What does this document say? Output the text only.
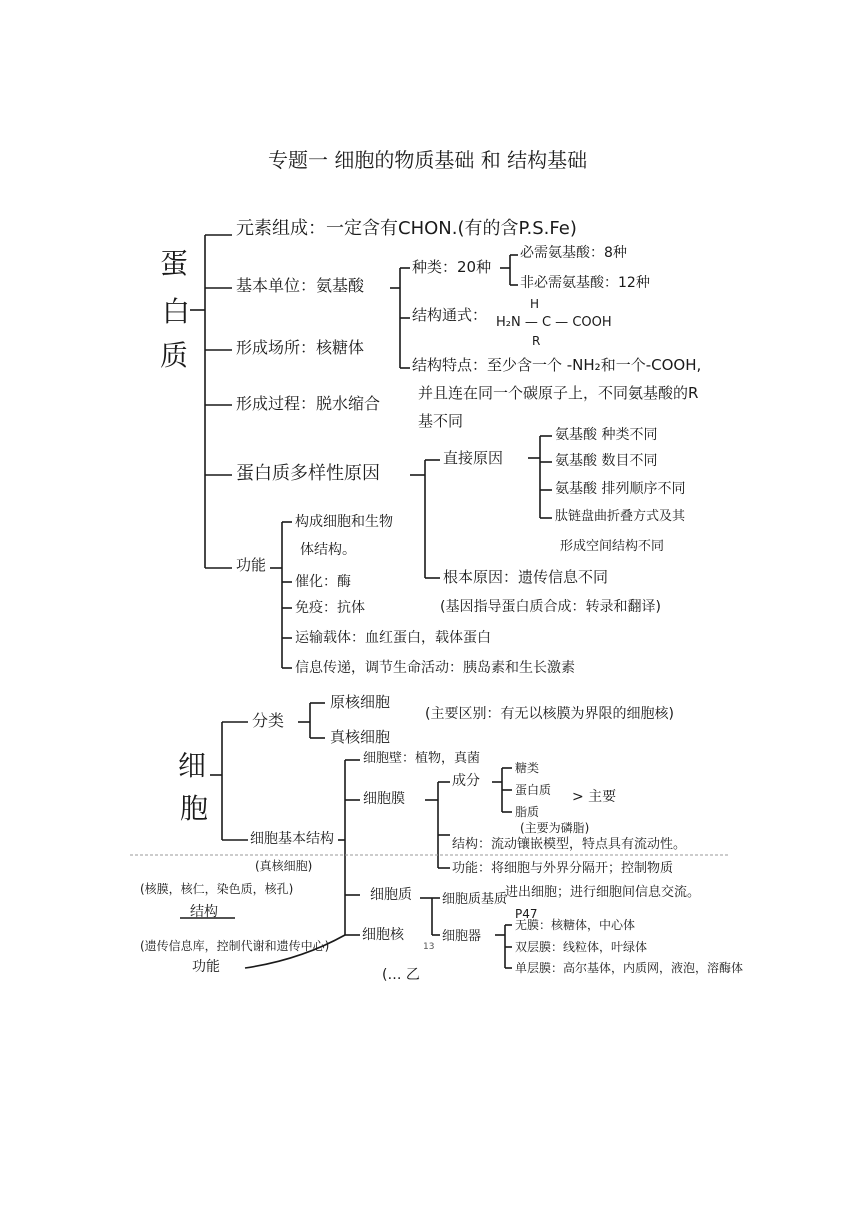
专题一 细胞的物质基础 和 结构基础
蛋
白
质
元素组成：一定含有CHON.(有的含P.S.Fe)
基本单位：氨基酸
种类：20种
必需氨基酸：8种
非必需氨基酸：12种
结构通式：
H
H₂N — C — COOH
R
结构特点：至少含一个 -NH₂和一个-COOH,
并且连在同一个碳原子上，不同氨基酸的R
基不同
形成场所：核糖体
形成过程：脱水缩合
蛋白质多样性原因
直接原因
氨基酸 种类不同
氨基酸 数目不同
氨基酸 排列顺序不同
肽链盘曲折叠方式及其
形成空间结构不同
根本原因：遗传信息不同
(基因指导蛋白质合成：转录和翻译)
功能
构成细胞和生物
体结构。
催化：酶
免疫：抗体
运输载体：血红蛋白，载体蛋白
信息传递，调节生命活动：胰岛素和生长激素
细
胞
分类
原核细胞
真核细胞
(主要区别：有无以核膜为界限的细胞核)
细胞基本结构
(真核细胞)
细胞壁：植物，真菌
细胞膜
成分
糖类
蛋白质
脂质
> 主要
(主要为磷脂)
结构：流动镶嵌模型，特点具有流动性。
功能：将细胞与外界分隔开；控制物质
进出细胞；进行细胞间信息交流。
细胞质 细胞质基质
P47
细胞器
无膜：核糖体，中心体
双层膜：线粒体，叶绿体
单层膜：高尔基体，内质网，液泡，溶酶体
细胞核
13
(核膜，核仁，染色质，核孔)
结构
(遗传信息库，控制代谢和遗传中心)
功能	(… 乙
